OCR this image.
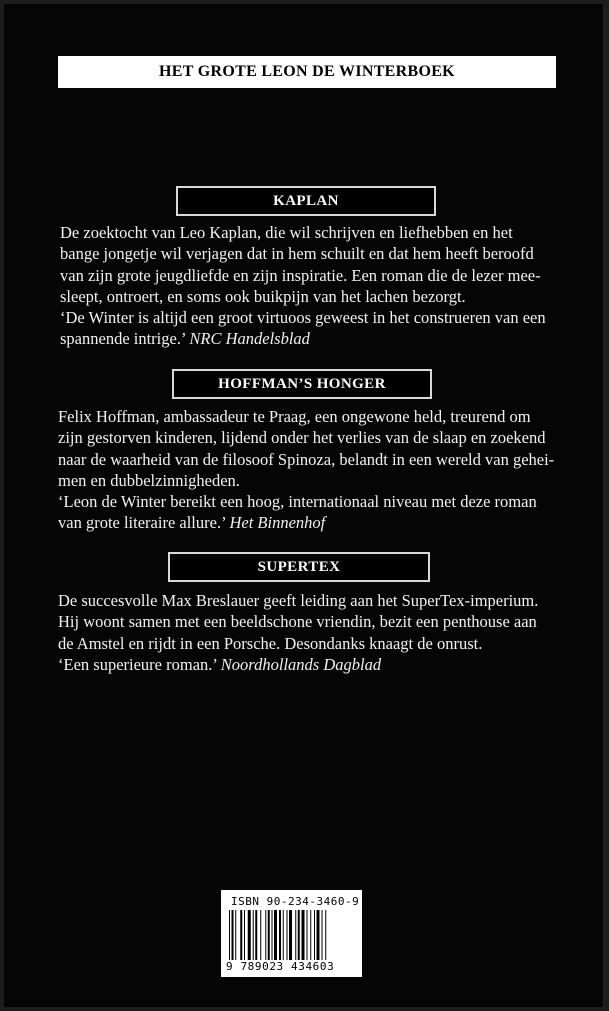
HET GROTE LEON DE WINTERBOEK
KAPLAN

De zoektocht van Leo Kaplan, die wil schrijven en liefhebben en het

bange jongetje wil verjagen dat in hem schuilt en dat hem heeft beroofd

van zijn grote jeugdliefde en zijn inspiratie. Een roman die de lezer mee-

sleept, ontroert, en soms ook buikpijn van het lachen bezorgt.

‘De Winter is altijd een groot virtuoos geweest in het construeren van een spannende intrige.’ NRC Handelsblad

HOFFMAN’S HONGER

Felix Hoffman, ambassadeur te Praag, een ongewone held, treurend om

zijn gestorven kinderen, lijdend onder het verlies van de slaap en zoekend

naar de waarheid van de filosoof Spinoza, belandt in een wereld van gehei-

men en dubbelzinnigheden.

‘Leon de Winter bereikt een hoog, internationaal niveau met deze roman van grote literaire allure.’ Het Binnenhof

SUPERTEX

De succesvolle Max Breslauer geeft leiding aan het SuperTex-imperium.

Hij woont samen met een beeldschone vriendin, bezit een penthouse aan

de Amstel en rijdt in een Porsche. Desondanks knaagt de onrust.

‘Een superieure roman.’ Noordhollands Dagblad

ISBN 90-234-3460-9
9 789023 434603
